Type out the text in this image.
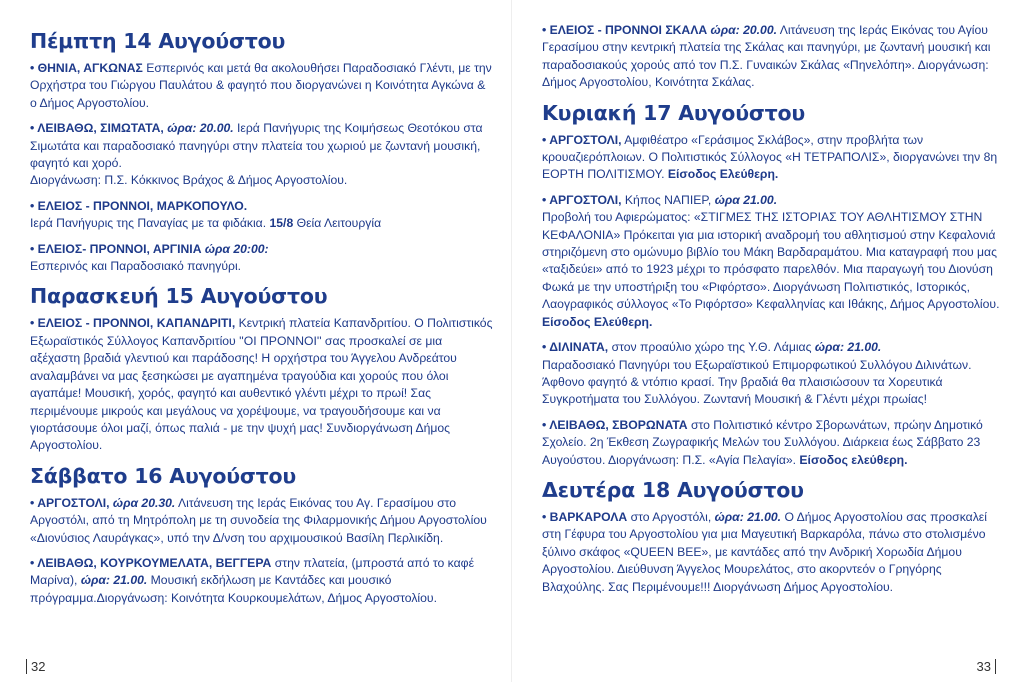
Πέμπτη 14 Αυγούστου

• ΘΗΝΙΑ, ΑΓΚΩΝΑΣ Εσπερινός και μετά θα ακολουθήσει Παραδοσιακό Γλέντι, με την Ορχήστρα του Γιώργου Παυλάτου & φαγητό που διοργανώνει η Κοινότητα Αγκώνα & ο Δήμος Αργοστολίου.

• ΛΕΙΒΑΘΩ, ΣΙΜΩΤΑΤΑ, ώρα: 20.00. Ιερά Πανήγυρις της Κοιμήσεως Θεοτόκου στα Σιμωτάτα και παραδοσιακό πανηγύρι στην πλατεία του χωριού με ζωντανή μουσική, φαγητό και χορό.
Διοργάνωση: Π.Σ. Κόκκινος Βράχος & Δήμος Αργοστολίου.

• ΕΛΕΙΟΣ - ΠΡΟΝΝΟΙ, ΜΑΡΚΟΠΟΥΛΟ.
Ιερά Πανήγυρις της Παναγίας με τα φιδάκια. 15/8 Θεία Λειτουργία

• ΕΛΕΙΟΣ- ΠΡΟΝΝΟΙ, ΑΡΓΙΝΙΑ ώρα 20:00:
Εσπερινός και Παραδοσιακό πανηγύρι.

Παρασκευή 15 Αυγούστου

• ΕΛΕΙΟΣ - ΠΡΟΝΝΟΙ, ΚΑΠΑΝΔΡΙΤΙ, Κεντρική πλατεία Καπανδριτίου. Ο Πολιτιστικός Εξωραϊστικός Σύλλογος Καπανδριτίου ''ΟΙ ΠΡΟΝΝΟΙ'' σας προσκαλεί σε μια αξέχαστη βραδιά γλεντιού και παράδοσης! Η ορχήστρα του Άγγελου Ανδρεάτου αναλαμβάνει να μας ξεσηκώσει με αγαπημένα τραγούδια και χορούς που όλοι αγαπάμε! Μουσική, χορός, φαγητό και αυθεντικό γλέντι μέχρι το πρωί! Σας περιμένουμε μικρούς και μεγάλους να χορέψουμε, να τραγουδήσουμε και να γιορτάσουμε όλοι μαζί, όπως παλιά - με την ψυχή μας! Συνδιοργάνωση Δήμος Αργοστολίου.

Σάββατο 16 Αυγούστου

• ΑΡΓΟΣΤΟΛΙ, ώρα 20.30. Λιτάνευση της Ιεράς Εικόνας του Αγ. Γερασίμου στο Αργοστόλι, από τη Μητρόπολη με τη συνοδεία της Φιλαρμονικής Δήμου Αργοστολίου «Διονύσιος Λαυράγκας», υπό την Δ/νση του αρχιμουσικού Βασίλη Περλικίδη.

• ΛΕΙΒΑΘΩ, ΚΟΥΡΚΟΥΜΕΛΑΤΑ, ΒΕΓΓΕΡΑ στην πλατεία, (μπροστά από το καφέ Μαρίνα), ώρα: 21.00. Μουσική εκδήλωση με Καντάδες και μουσικό πρόγραμμα.Διοργάνωση: Κοινότητα Κουρκουμελάτων, Δήμος Αργοστολίου.

32

• ΕΛΕΙΟΣ - ΠΡΟΝΝΟΙ ΣΚΑΛΑ ώρα: 20.00. Λιτάνευση της Ιεράς Εικόνας του Αγίου Γερασίμου στην κεντρική πλατεία της Σκάλας και πανηγύρι, με ζωντανή μουσική και παραδοσιακούς χορούς από τον Π.Σ. Γυναικών Σκάλας «Πηνελόπη». Διοργάνωση: Δήμος Αργοστολίου, Κοινότητα Σκάλας.

Κυριακή 17 Αυγούστου

• ΑΡΓΟΣΤΟΛΙ, Αμφιθέατρο «Γεράσιμος Σκλάβος», στην προβλήτα των κρουαζιερόπλοιων. Ο Πολιτιστικός Σύλλογος «Η ΤΕΤΡΑΠΟΛΙΣ», διοργανώνει την 8η ΕΟΡΤΗ ΠΟΛΙΤΙΣΜΟΥ. Είσοδος Ελεύθερη.

• ΑΡΓΟΣΤΟΛΙ, Κήπος ΝΑΠΙΕΡ, ώρα 21.00.
Προβολή του Αφιερώματος: «ΣΤΙΓΜΕΣ ΤΗΣ ΙΣΤΟΡΙΑΣ ΤΟΥ ΑΘΛΗΤΙΣΜΟΥ ΣΤΗΝ ΚΕΦΑΛΟΝΙΑ» Πρόκειται για μια ιστορική αναδρομή του αθλητισμού στην Κεφαλονιά στηριζόμενη στο ομώνυμο βιβλίο του Μάκη Βαρδαραμάτου. Μια καταγραφή που μας «ταξιδεύει» από το 1923 μέχρι το πρόσφατο παρελθόν. Μια παραγωγή του Διονύση Φωκά με την υποστήριξη του «Ριφόρτσο». Διοργάνωση Πολιτιστικός, Ιστορικός, Λαογραφικός σύλλογος «Το Ριφόρτσο» Κεφαλληνίας και Ιθάκης, Δήμος Αργοστολίου. Είσοδος Ελεύθερη.

• ΔΙΛΙΝΑΤΑ, στον προαύλιο χώρο της Υ.Θ. Λάμιας ώρα: 21.00.
Παραδοσιακό Πανηγύρι του Εξωραϊστικού Επιμορφωτικού Συλλόγου Διλινάτων. Άφθονο φαγητό & ντόπιο κρασί. Την βραδιά θα πλαισιώσουν τα Χορευτικά Συγκροτήματα του Συλλόγου. Ζωντανή Μουσική & Γλέντι μέχρι πρωίας!

• ΛΕΙΒΑΘΩ, ΣΒΟΡΩΝΑΤΑ στο Πολιτιστικό κέντρο Σβορωνάτων, πρώην Δημοτικό Σχολείο. 2η Έκθεση Ζωγραφικής Μελών του Συλλόγου. Διάρκεια έως Σάββατο 23 Αυγούστου. Διοργάνωση: Π.Σ. «Αγία Πελαγία». Είσοδος ελεύθερη.

Δευτέρα 18 Αυγούστου

• ΒΑΡΚΑΡΟΛΑ στο Αργοστόλι, ώρα: 21.00. Ο Δήμος Αργοστολίου σας προσκαλεί στη Γέφυρα του Αργοστολίου για μια Μαγευτική Βαρκαρόλα, πάνω στο στολισμένο ξύλινο σκάφος «QUEEN BEE», με καντάδες από την Ανδρική Χορωδία Δήμου Αργοστολίου. Διεύθυνση Άγγελος Μουρελάτος, στο ακορντεόν ο Γρηγόρης Βλαχούλης. Σας Περιμένουμε!!! Διοργάνωση Δήμος Αργοστολίου.

33
